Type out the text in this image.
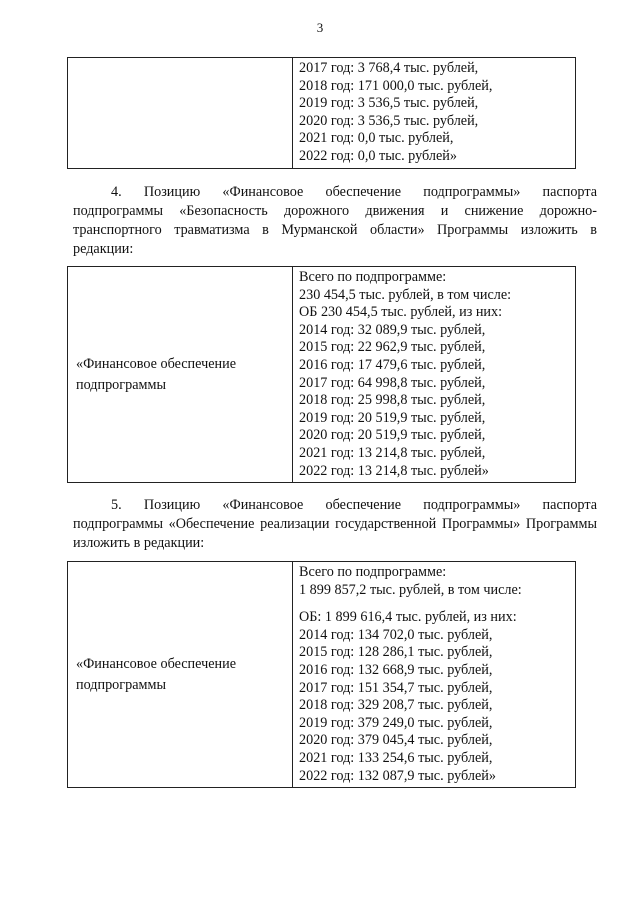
3

2017 год: 3 768,4 тыс. рублей,
2018 год: 171 000,0 тыс. рублей,
2019 год: 3 536,5 тыс. рублей,
2020 год: 3 536,5 тыс. рублей,
2021 год: 0,0 тыс. рублей,
2022 год: 0,0 тыс. рублей»

4. Позицию «Финансовое обеспечение подпрограммы» паспорта подпрограммы «Безопасность дорожного движения и снижение дорожно-транспортного травматизма в Мурманской области» Программы изложить в редакции:

«Финансовое обеспечение
подпрограммы

Всего по подпрограмме:
230 454,5 тыс. рублей, в том числе:
ОБ 230 454,5 тыс. рублей, из них:
2014 год: 32 089,9 тыс. рублей,
2015 год: 22 962,9 тыс. рублей,
2016 год: 17 479,6 тыс. рублей,
2017 год: 64 998,8 тыс. рублей,
2018 год: 25 998,8 тыс. рублей,
2019 год: 20 519,9 тыс. рублей,
2020 год: 20 519,9 тыс. рублей,
2021 год: 13 214,8 тыс. рублей,
2022 год: 13 214,8 тыс. рублей»

5. Позицию «Финансовое обеспечение подпрограммы» паспорта подпрограммы «Обеспечение реализации государственной Программы» Программы изложить в редакции:

«Финансовое обеспечение
подпрограммы

Всего по подпрограмме:
1 899 857,2 тыс. рублей, в том числе:
ОБ: 1 899 616,4 тыс. рублей, из них:
2014 год: 134 702,0 тыс. рублей,
2015 год: 128 286,1 тыс. рублей,
2016 год: 132 668,9 тыс. рублей,
2017 год: 151 354,7 тыс. рублей,
2018 год: 329 208,7 тыс. рублей,
2019 год: 379 249,0 тыс. рублей,
2020 год: 379 045,4 тыс. рублей,
2021 год: 133 254,6 тыс. рублей,
2022 год: 132 087,9 тыс. рублей»
